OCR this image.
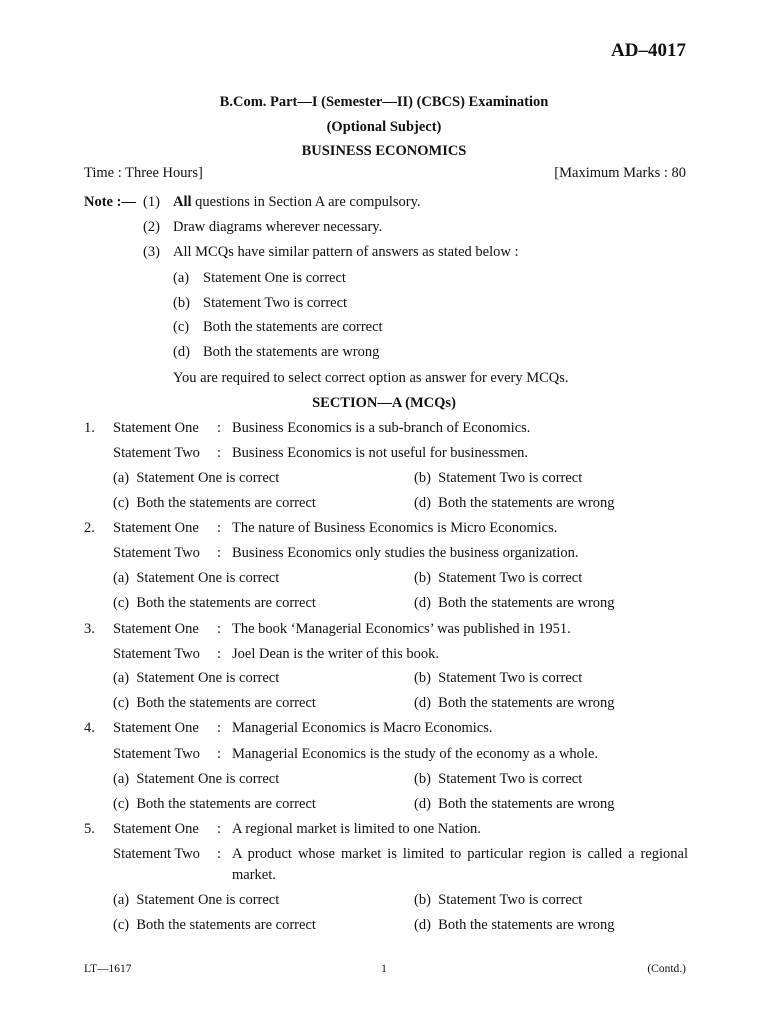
AD–4017
B.Com. Part—I (Semester—II) (CBCS) Examination
(Optional Subject)
BUSINESS ECONOMICS
Time : Three Hours]	[Maximum Marks : 80
Note :— (1) All questions in Section A are compulsory.
(2) Draw diagrams wherever necessary.
(3) All MCQs have similar pattern of answers as stated below :
(a) Statement One is correct
(b) Statement Two is correct
(c) Both the statements are correct
(d) Both the statements are wrong
You are required to select correct option as answer for every MCQs.
SECTION—A (MCQs)
1. Statement One : Business Economics is a sub-branch of Economics.
Statement Two : Business Economics is not useful for businessmen.
(a) Statement One is correct	(b) Statement Two is correct
(c) Both the statements are correct	(d) Both the statements are wrong
2. Statement One : The nature of Business Economics is Micro Economics.
Statement Two : Business Economics only studies the business organization.
(a) Statement One is correct	(b) Statement Two is correct
(c) Both the statements are correct	(d) Both the statements are wrong
3. Statement One : The book ‘Managerial Economics’ was published in 1951.
Statement Two : Joel Dean is the writer of this book.
(a) Statement One is correct	(b) Statement Two is correct
(c) Both the statements are correct	(d) Both the statements are wrong
4. Statement One : Managerial Economics is Macro Economics.
Statement Two : Managerial Economics is the study of the economy as a whole.
(a) Statement One is correct	(b) Statement Two is correct
(c) Both the statements are correct	(d) Both the statements are wrong
5. Statement One : A regional market is limited to one Nation.
Statement Two : A product whose market is limited to particular region is called a regional
market.
(a) Statement One is correct	(b) Statement Two is correct
(c) Both the statements are correct	(d) Both the statements are wrong
LT—1617	1	(Contd.)
